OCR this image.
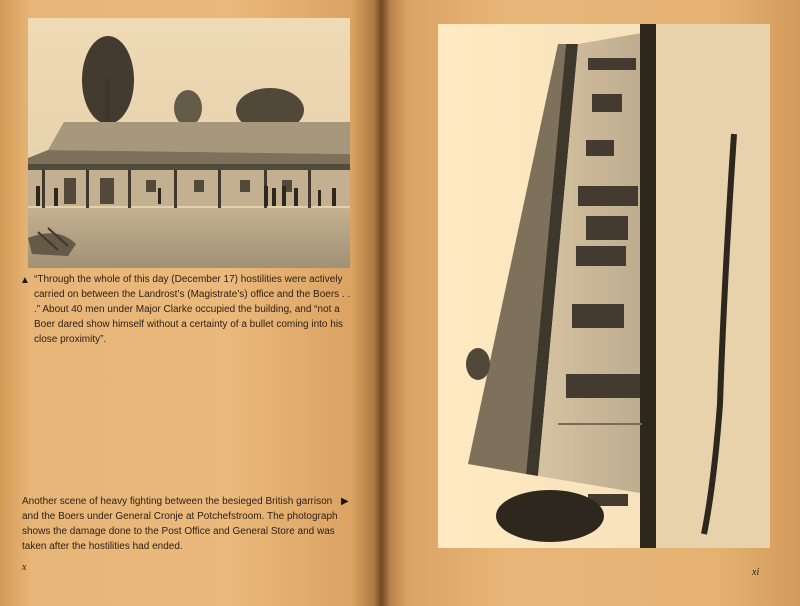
▲ “Through the whole of this day (December 17) hostilities were actively carried on between the Landrost’s (Magistrate’s) office and the Boers . . .” About 40 men under Major Clarke occupied the building, and “not a Boer dared show himself without a certainty of a bullet coming into his close proximity”.

Another scene of heavy fighting between the besieged British garrison and the Boers under General Cronje at Potchefstroom. The photograph shows the damage done to the Post Office and General Store and was taken after the hostilities had ended.

x
▶
xi
